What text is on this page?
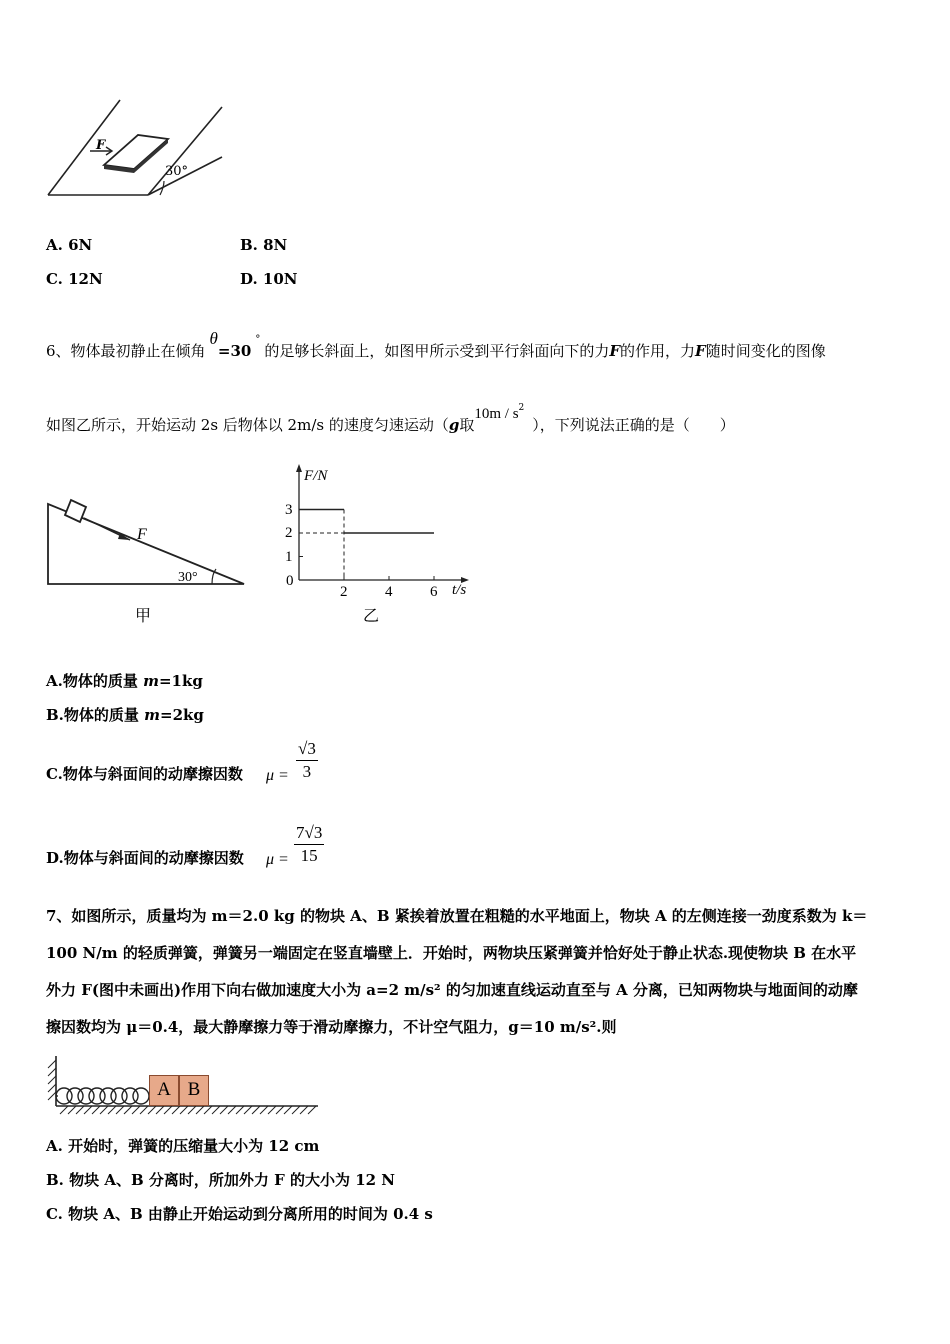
F
30°
A. 6N	B. 8N
C. 12N	D. 10N
6、物体最初静止在倾角θ=30°的足够长斜面上，如图甲所示受到平行斜面向下的力F的作用，力F随时间变化的图像
如图乙所示，开始运动 2s 后物体以 2m/s 的速度匀速运动（g取$10m / s^2$），下列说法正确的是（　　）
F
30°
甲
F/N
t/s
0
乙
2	4	6
1
2
3
A.物体的质量 m=1kg
B.物体的质量 m=2kg
C.物体与斜面间的动摩擦因数 $\mu = \frac{√3}{3}$
D.物体与斜面间的动摩擦因数 $\mu = \frac{7√3}{15}$
7、如图所示，质量均为 m＝2.0 kg 的物块 A、B 紧挨着放置在粗糙的水平地面上，物块 A 的左侧连接一劲度系数为 k＝
100 N/m 的轻质弹簧，弹簧另一端固定在竖直墙壁上．开始时，两物块压紧弹簧并恰好处于静止状态.现使物块 B 在水平
外力 F(图中未画出)作用下向右做加速度大小为 a=2 m/s² 的匀加速直线运动直至与 A 分离，已知两物块与地面间的动摩
擦因数均为 μ＝0.4，最大静摩擦力等于滑动摩擦力，不计空气阻力，g＝10 m/s².则
A B
A. 开始时，弹簧的压缩量大小为 12 cm
B. 物块 A、B 分离时，所加外力 F 的大小为 12 N
C. 物块 A、B 由静止开始运动到分离所用的时间为 0.4 s
